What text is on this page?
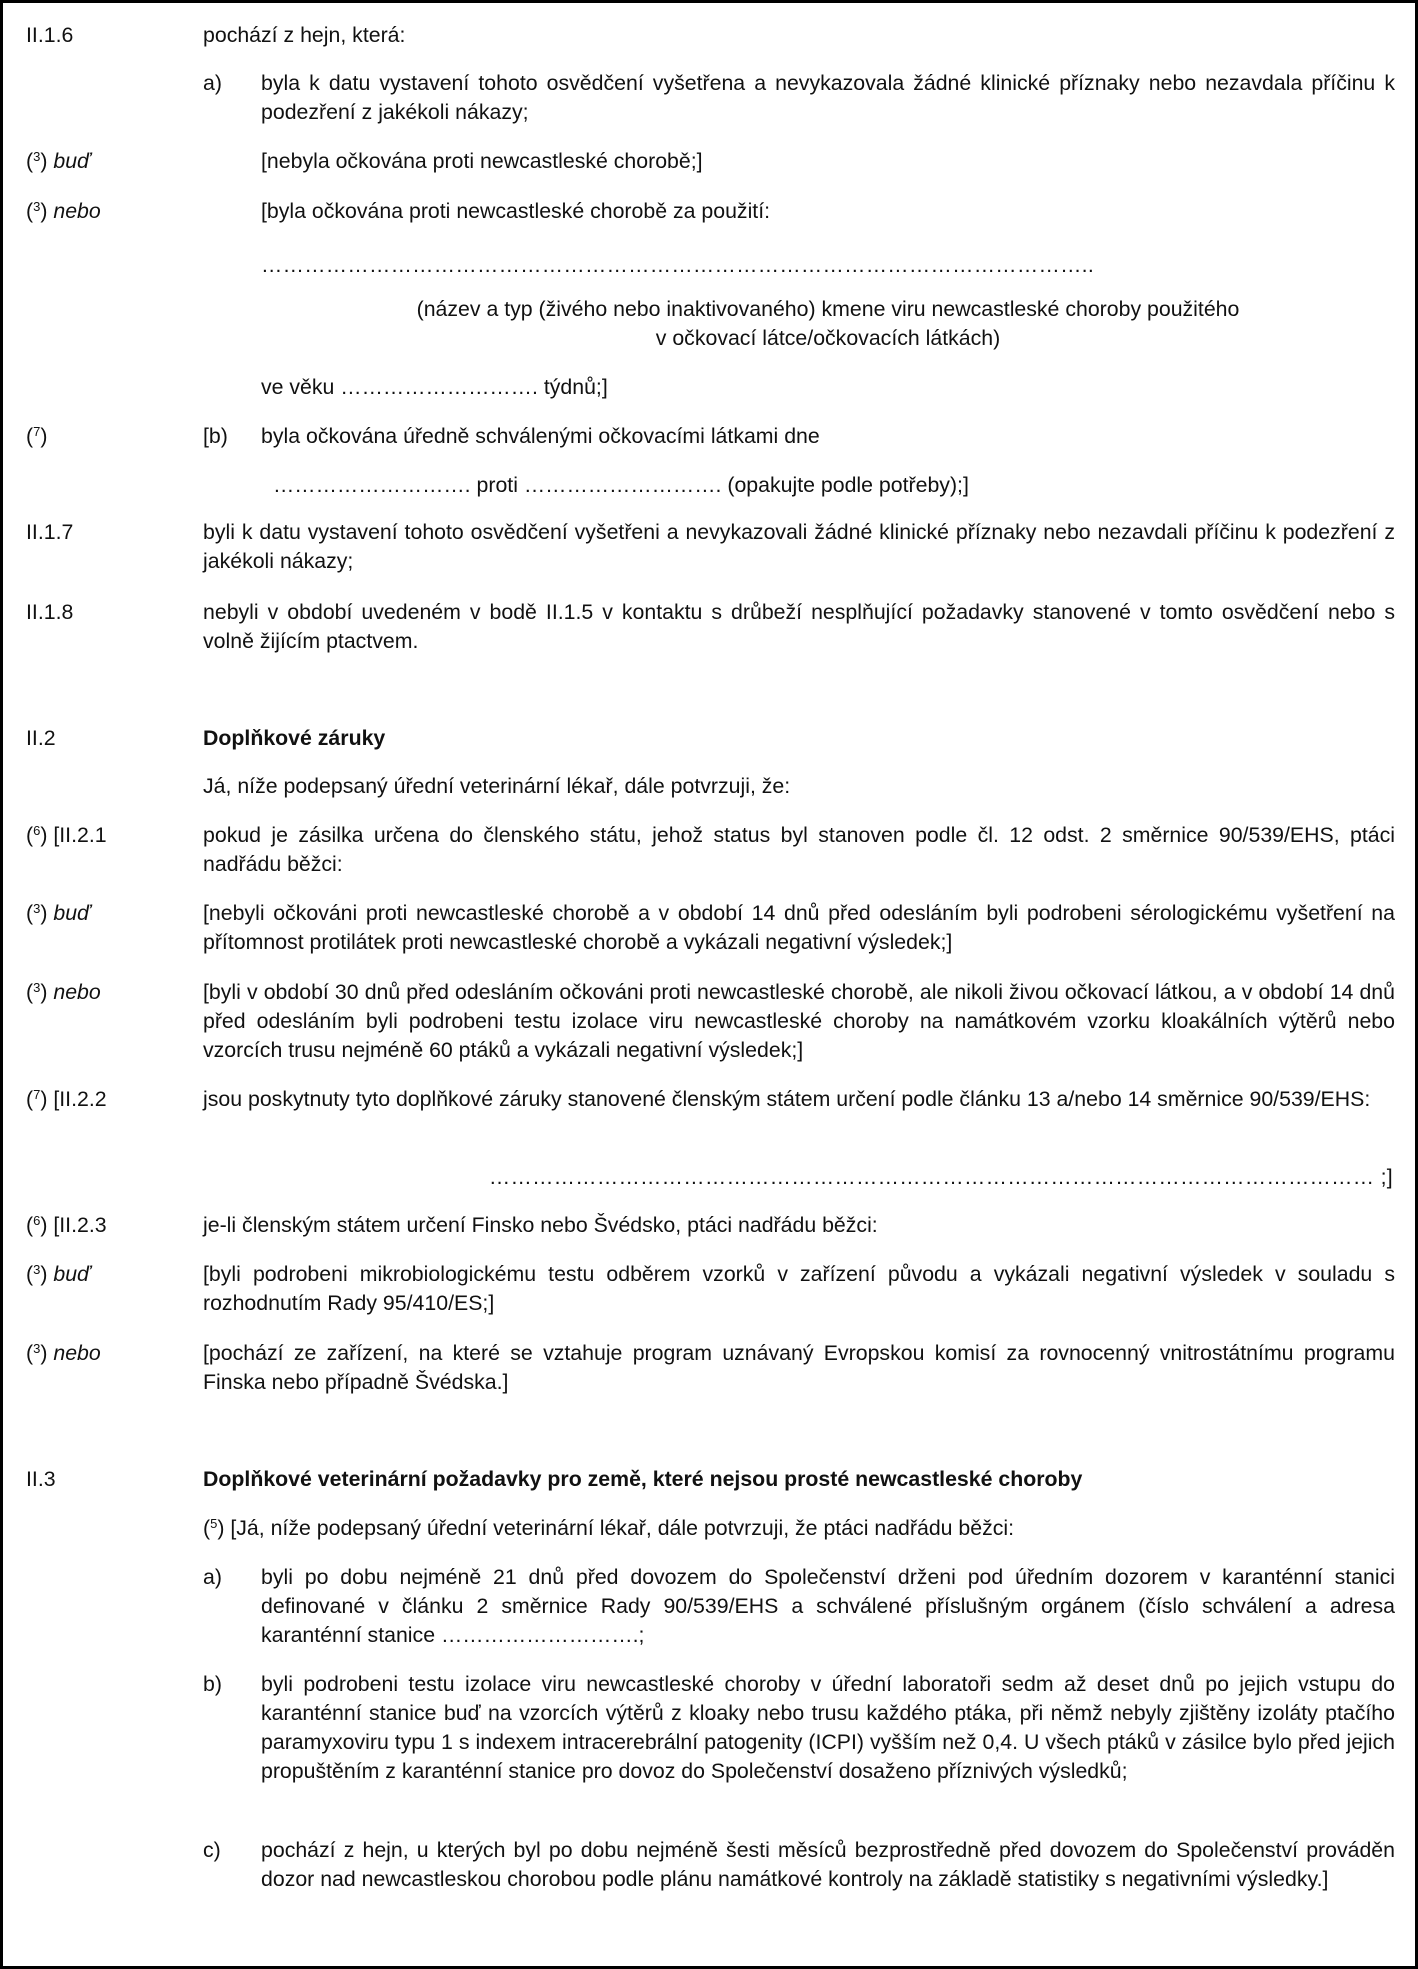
II.1.6	pochází z hejn, která:
a) byla k datu vystavení tohoto osvědčení vyšetřena a nevykazovala žádné klinické příznaky nebo nezavdala příčinu k podezření z jakékoli nákazy;
($^3$) buď	[nebyla očkována proti newcastleské chorobě;]
($^3$) nebo	[byla očkována proti newcastleské chorobě za použití:
……………………………………………………………………………………………………..
(název a typ (živého nebo inaktivovaného) kmene viru newcastleské choroby použitého
v očkovací látce/očkovacích látkách)
ve věku ………………………. týdnů;]
($^7$)	[b) byla očkována úředně schválenými očkovacími látkami dne
………………………. proti ………………………. (opakujte podle potřeby);]
II.1.7	byli k datu vystavení tohoto osvědčení vyšetřeni a nevykazovali žádné klinické příznaky nebo nezavdali příčinu k podezření z jakékoli nákazy;
II.1.8	nebyli v období uvedeném v bodě II.1.5 v kontaktu s drůbeží nesplňující požadavky stanovené v tomto osvědčení nebo s volně žijícím ptactvem.
II.2	Doplňkové záruky
Já, níže podepsaný úřední veterinární lékař, dále potvrzuji, že:
($^6$) [II.2.1	pokud je zásilka určena do členského státu, jehož status byl stanoven podle čl. 12 odst. 2 směrnice 90/539/EHS, ptáci nadřádu běžci:
($^3$) buď	[nebyli očkováni proti newcastleské chorobě a v období 14 dnů před odesláním byli podrobeni sérologickému vyšetření na přítomnost protilátek proti newcastleské chorobě a vykázali negativní výsledek;]
($^3$) nebo	[byli v období 30 dnů před odesláním očkováni proti newcastleské chorobě, ale nikoli živou očkovací látkou, a v období 14 dnů před odesláním byli podrobeni testu izolace viru newcastleské choroby na namátkovém vzorku kloakálních výtěrů nebo vzorcích trusu nejméně 60 ptáků a vykázali negativní výsledek;]
($^7$) [II.2.2	jsou poskytnuty tyto doplňkové záruky stanovené členským státem určení podle článku 13 a/nebo 14 směrnice 90/539/EHS:
…………………………………………………………………………………………………………… ;]
($^6$) [II.2.3	je-li členským státem určení Finsko nebo Švédsko, ptáci nadřádu běžci:
($^3$) buď	[byli podrobeni mikrobiologickému testu odběrem vzorků v zařízení původu a vykázali negativní výsledek v souladu s rozhodnutím Rady 95/410/ES;]
($^3$) nebo	[pochází ze zařízení, na které se vztahuje program uznávaný Evropskou komisí za rovnocenný vnitrostátnímu programu Finska nebo případně Švédska.]
II.3	Doplňkové veterinární požadavky pro země, které nejsou prosté newcastleské choroby
($^5$) [Já, níže podepsaný úřední veterinární lékař, dále potvrzuji, že ptáci nadřádu běžci:
a) byli po dobu nejméně 21 dnů před dovozem do Společenství drženi pod úředním dozorem v karanténní stanici definované v článku 2 směrnice Rady 90/539/EHS a schválené příslušným orgánem (číslo schválení a adresa karanténní stanice ……………………….;
b) byli podrobeni testu izolace viru newcastleské choroby v úřední laboratoři sedm až deset dnů po jejich vstupu do karanténní stanice buď na vzorcích výtěrů z kloaky nebo trusu každého ptáka, při němž nebyly zjištěny izoláty ptačího paramyxoviru typu 1 s indexem intracerebrální patogenity (ICPI) vyšším než 0,4. U všech ptáků v zásilce bylo před jejich propuštěním z karanténní stanice pro dovoz do Společenství dosaženo příznivých výsledků;
c) pochází z hejn, u kterých byl po dobu nejméně šesti měsíců bezprostředně před dovozem do Společenství prováděn dozor nad newcastleskou chorobou podle plánu namátkové kontroly na základě statistiky s negativními výsledky.]
